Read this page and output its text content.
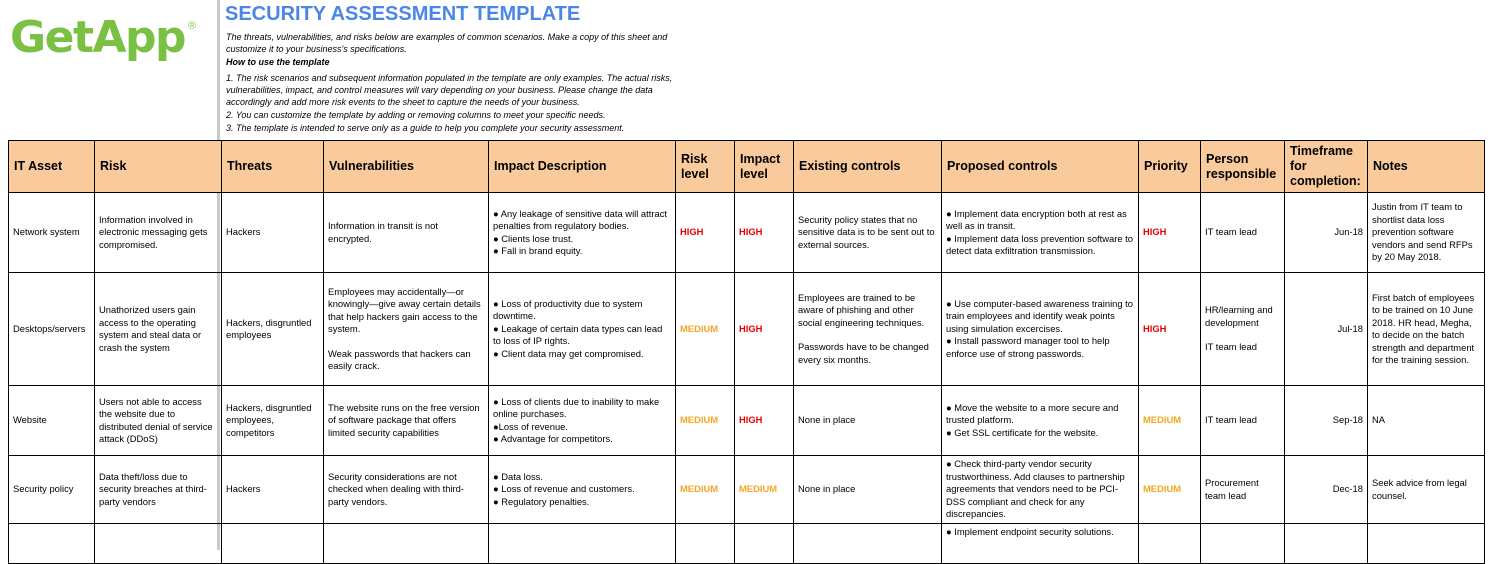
GetApp ®
SECURITY ASSESSMENT TEMPLATE
The threats, vulnerabilities, and risks below are examples of common scenarios. Make a copy of this sheet and
customize it to your business's specifications.
How to use the template
1. The risk scenarios and subsequent information populated in the template are only examples. The actual risks,
vulnerabilities, impact, and control measures will vary depending on your business. Please change the data
accordingly and add more risk events to the sheet to capture the needs of your business.
2. You can customize the template by adding or removing columns to meet your specific needs.
3. The template is intended to serve only as a guide to help you complete your security assessment.
IT Asset	Risk	Threats	Vulnerabilities	Impact Description	Risk
level	Impact
level	Existing controls	Proposed controls	Priority	Person
responsible	Timeframe
for
completion:	Notes
Network system	Information involved in electronic messaging gets compromised.	Hackers	Information in transit is not encrypted.	● Any leakage of sensitive data will attract penalties from regulatory bodies.
● Clients lose trust.
● Fall in brand equity.	HIGH	HIGH	Security policy states that no sensitive data is to be sent out to external sources.	● Implement data encryption both at rest as well as in transit.
● Implement data loss prevention software to detect data exfiltration transmission.	HIGH	IT team lead	Jun-18	Justin from IT team to shortlist data loss prevention software vendors and send RFPs by 20 May 2018.
Desktops/servers	Unathorized users gain access to the operating system and steal data or crash the system	Hackers, disgruntled employees	Employees may accidentally—or knowingly—give away certain details that help hackers gain access to the system.
Weak passwords that hackers can easily crack.	● Loss of productivity due to system downtime.
● Leakage of certain data types can lead to loss of IP rights.
● Client data may get compromised.	MEDIUM	HIGH	Employees are trained to be aware of phishing and other social engineering techniques.
Passwords have to be changed every six months.	● Use computer-based awareness training to train employees and identify weak points using simulation excercises.
● Install password manager tool to help enforce use of strong passwords.	HIGH	HR/learning and development
IT team lead	Jul-18	First batch of employees to be trained on 10 June 2018. HR head, Megha, to decide on the batch strength and department for the training session.
Website	Users not able to access the website due to distributed denial of service attack (DDoS)	Hackers, disgruntled employees, competitors	The website runs on the free version of software package that offers limited security capabilities	● Loss of clients due to inability to make online purchases.
●Loss of revenue.
● Advantage for competitors.	MEDIUM	HIGH	None in place	● Move the website to a more secure and trusted platform.
● Get SSL certificate for the website.	MEDIUM	IT team lead	Sep-18	NA
Security policy	Data theft/loss due to security breaches at third-party vendors	Hackers	Security considerations are not checked when dealing with third-party vendors.	● Data loss.
● Loss of revenue and customers.
● Regulatory penalties.	MEDIUM	MEDIUM	None in place	● Check third-party vendor security trustworthiness. Add clauses to partnership agreements that vendors need to be PCI-DSS compliant and check for any discrepancies.	MEDIUM	Procurement team lead	Dec-18	Seek advice from legal counsel.

								● Implement endpoint security solutions.				
